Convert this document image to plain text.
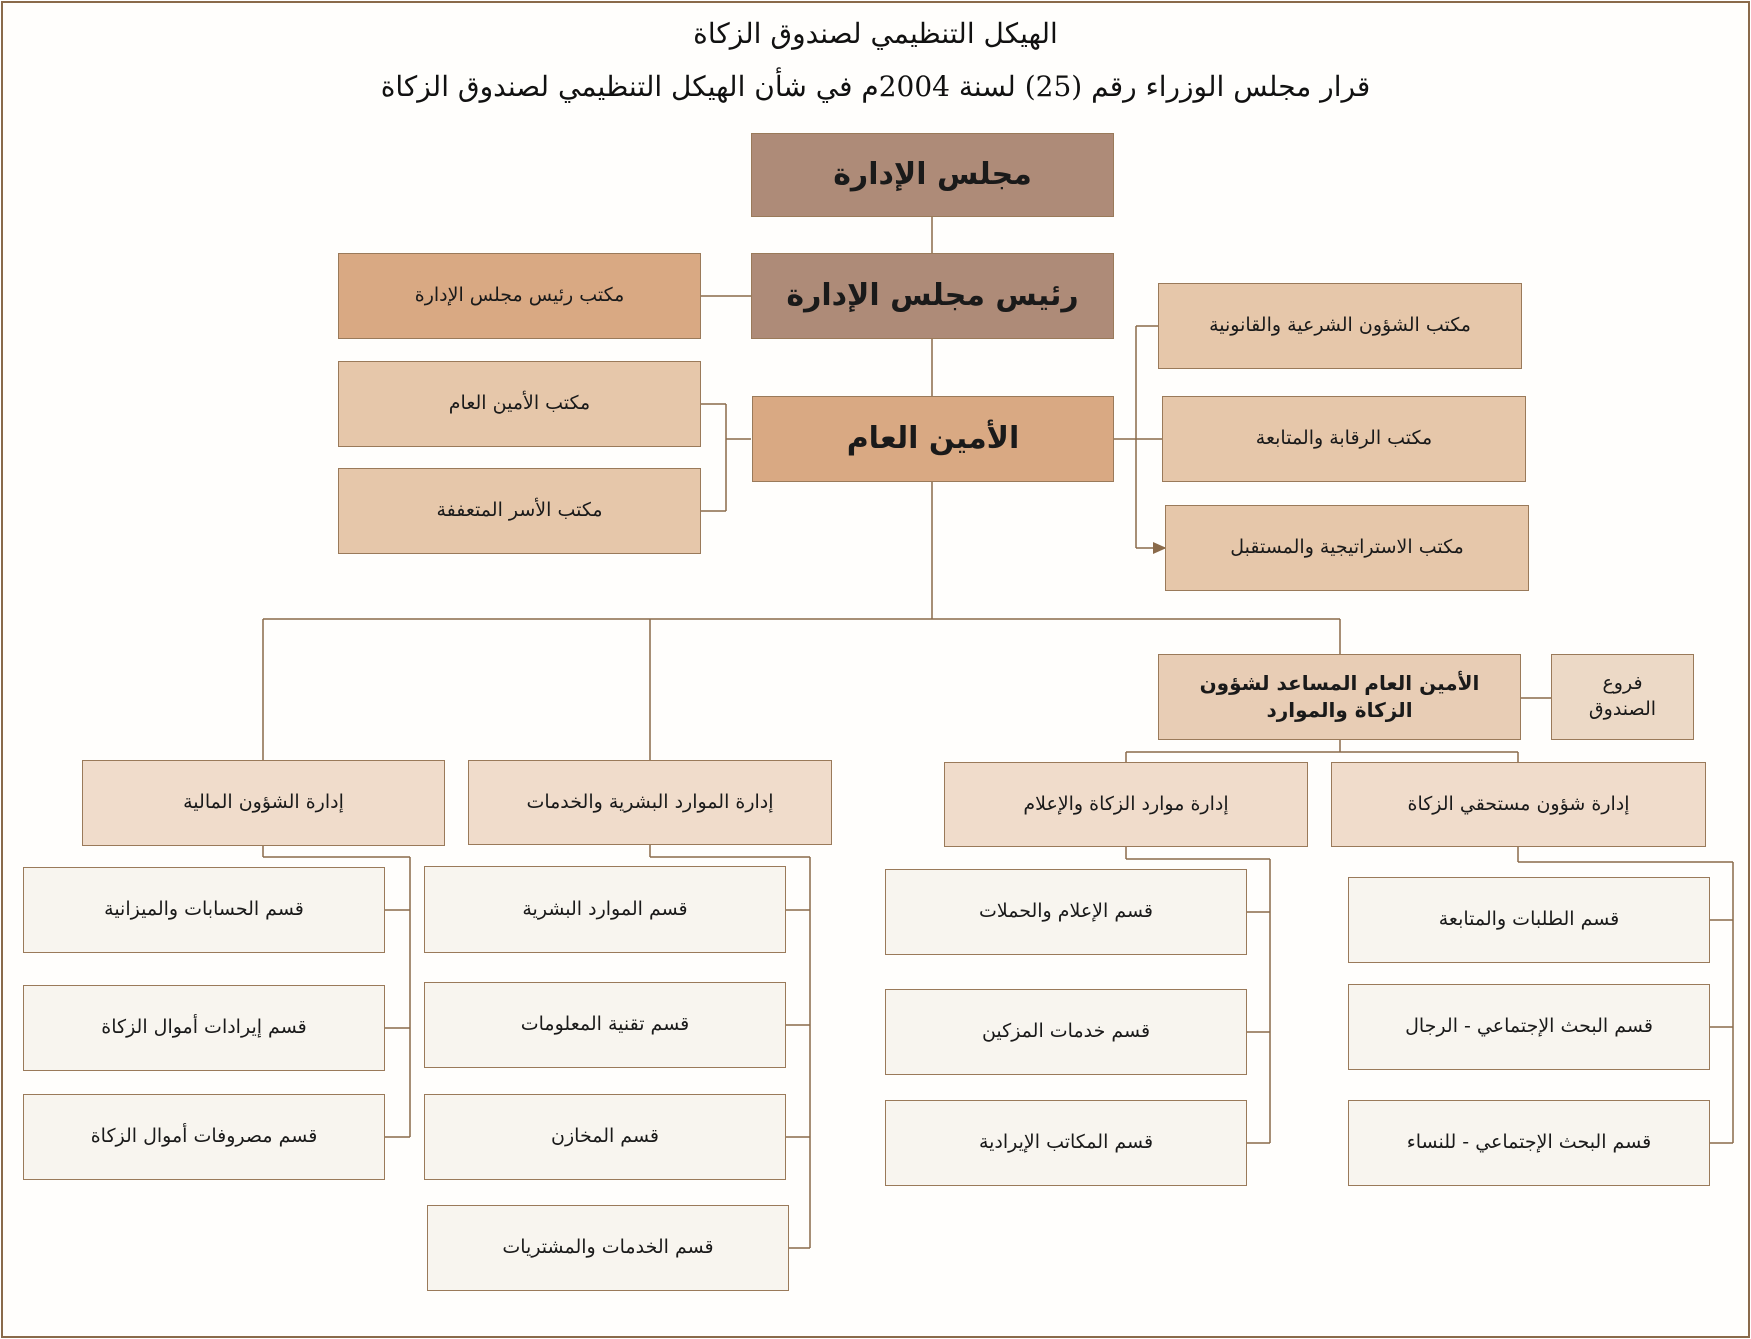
الهيكل التنظيمي لصندوق الزكاة
قرار مجلس الوزراء رقم (25) لسنة 2004م في شأن الهيكل التنظيمي لصندوق الزكاة
مجلس الإدارة
رئيس مجلس الإدارة
مكتب رئيس مجلس الإدارة
الأمين العام
مكتب الأمين العام
مكتب الأسر المتعففة
مكتب الشؤون الشرعية والقانونية
مكتب الرقابة والمتابعة
مكتب الاستراتيجية والمستقبل
الأمين العام المساعد لشؤون الزكاة والموارد
فروع الصندوق
إدارة الشؤون المالية	إدارة الموارد البشرية والخدمات	إدارة موارد الزكاة والإعلام	إدارة شؤون مستحقي الزكاة
قسم الحسابات والميزانية
قسم إيرادات أموال الزكاة
قسم مصروفات أموال الزكاة
قسم الموارد البشرية
قسم تقنية المعلومات
قسم المخازن
قسم الخدمات والمشتريات
قسم الإعلام والحملات
قسم خدمات المزكين
قسم المكاتب الإيرادية
قسم الطلبات والمتابعة
قسم البحث الإجتماعي - الرجال
قسم البحث الإجتماعي - للنساء
